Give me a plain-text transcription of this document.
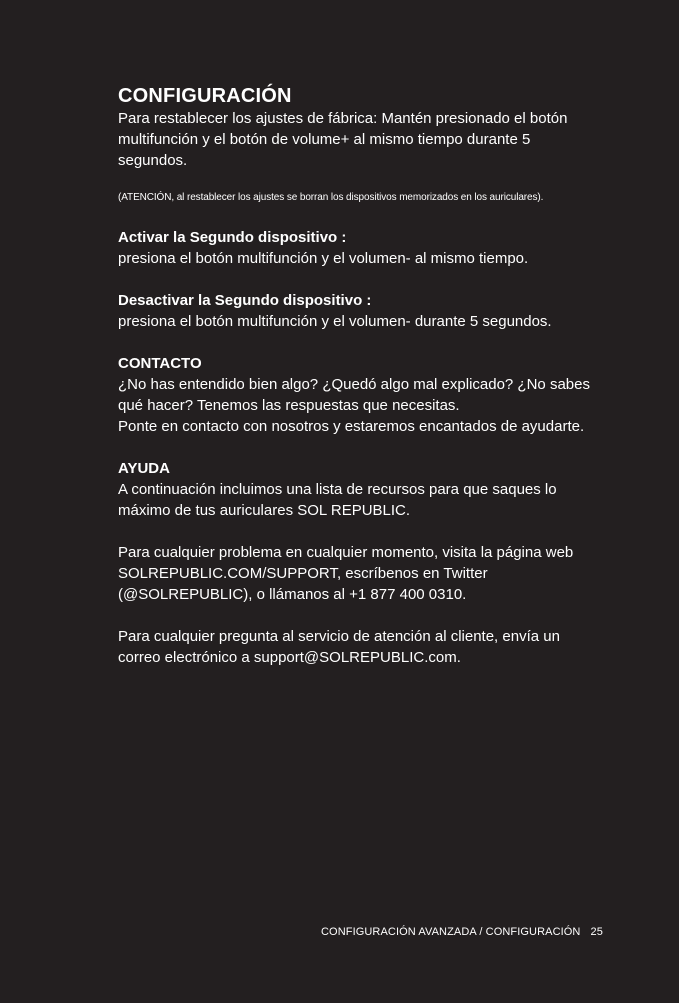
CONFIGURACIÓN

Para restablecer los ajustes de fábrica: Mantén presionado el botón multifunción y el botón de volume+ al mismo tiempo durante 5 segundos.

(ATENCIÓN, al restablecer los ajustes se borran los dispositivos memorizados en los auriculares).

Activar la Segundo dispositivo :

presiona el botón multifunción y el volumen- al mismo tiempo.

Desactivar la Segundo dispositivo :

presiona el botón multifunción y el volumen- durante 5 segundos.

CONTACTO

¿No has entendido bien algo? ¿Quedó algo mal explicado? ¿No sabes qué hacer? Tenemos las respuestas que necesitas.

Ponte en contacto con nosotros y estaremos encantados de ayudarte.

AYUDA

A continuación incluimos una lista de recursos para que saques lo máximo de tus auriculares SOL REPUBLIC.

Para cualquier problema en cualquier momento, visita la página web SOLREPUBLIC.COM/SUPPORT, escríbenos en Twitter (@SOLREPUBLIC), o llámanos al +1 877 400 0310.

Para cualquier pregunta al servicio de atención al cliente, envía un correo electrónico a support@SOLREPUBLIC.com.

CONFIGURACIÓN AVANZADA / CONFIGURACIÓN 25
